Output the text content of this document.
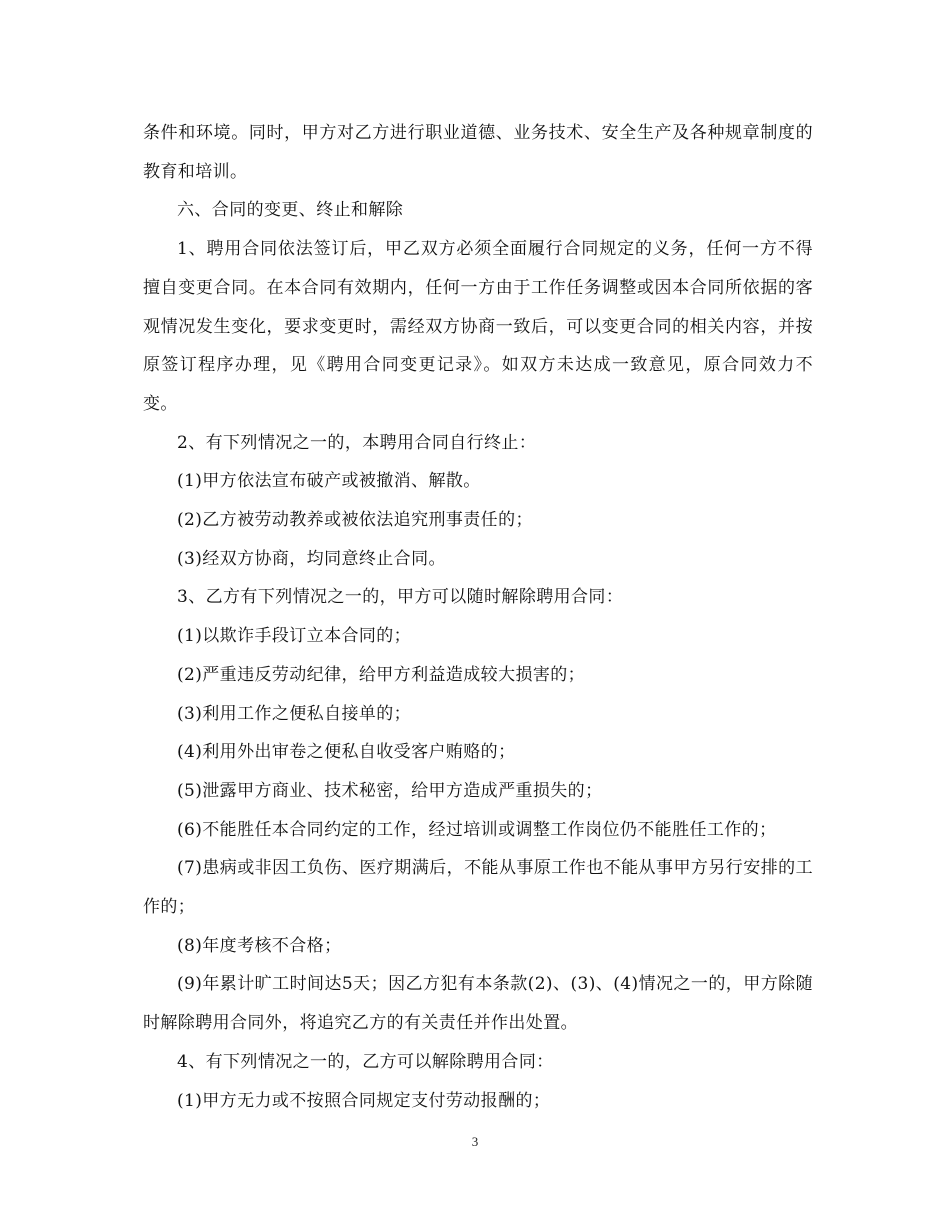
条件和环境。同时，甲方对乙方进行职业道德、业务技术、安全生产及各种规章制度的教育和培训。

六、合同的变更、终止和解除

1、聘用合同依法签订后，甲乙双方必须全面履行合同规定的义务，任何一方不得擅自变更合同。在本合同有效期内，任何一方由于工作任务调整或因本合同所依据的客观情况发生变化，要求变更时，需经双方协商一致后，可以变更合同的相关内容，并按原签订程序办理，见《聘用合同变更记录》。如双方未达成一致意见，原合同效力不变。

2、有下列情况之一的，本聘用合同自行终止：

(1)甲方依法宣布破产或被撤消、解散。

(2)乙方被劳动教养或被依法追究刑事责任的；

(3)经双方协商，均同意终止合同。

3、乙方有下列情况之一的，甲方可以随时解除聘用合同：

(1)以欺诈手段订立本合同的；

(2)严重违反劳动纪律，给甲方利益造成较大损害的；

(3)利用工作之便私自接单的；

(4)利用外出审卷之便私自收受客户贿赂的；

(5)泄露甲方商业、技术秘密，给甲方造成严重损失的；

(6)不能胜任本合同约定的工作，经过培训或调整工作岗位仍不能胜任工作的；

(7)患病或非因工负伤、医疗期满后，不能从事原工作也不能从事甲方另行安排的工作的；

(8)年度考核不合格；

(9)年累计旷工时间达5天；因乙方犯有本条款(2)、(3)、(4)情况之一的，甲方除随时解除聘用合同外，将追究乙方的有关责任并作出处置。

4、有下列情况之一的，乙方可以解除聘用合同：

(1)甲方无力或不按照合同规定支付劳动报酬的；

3
